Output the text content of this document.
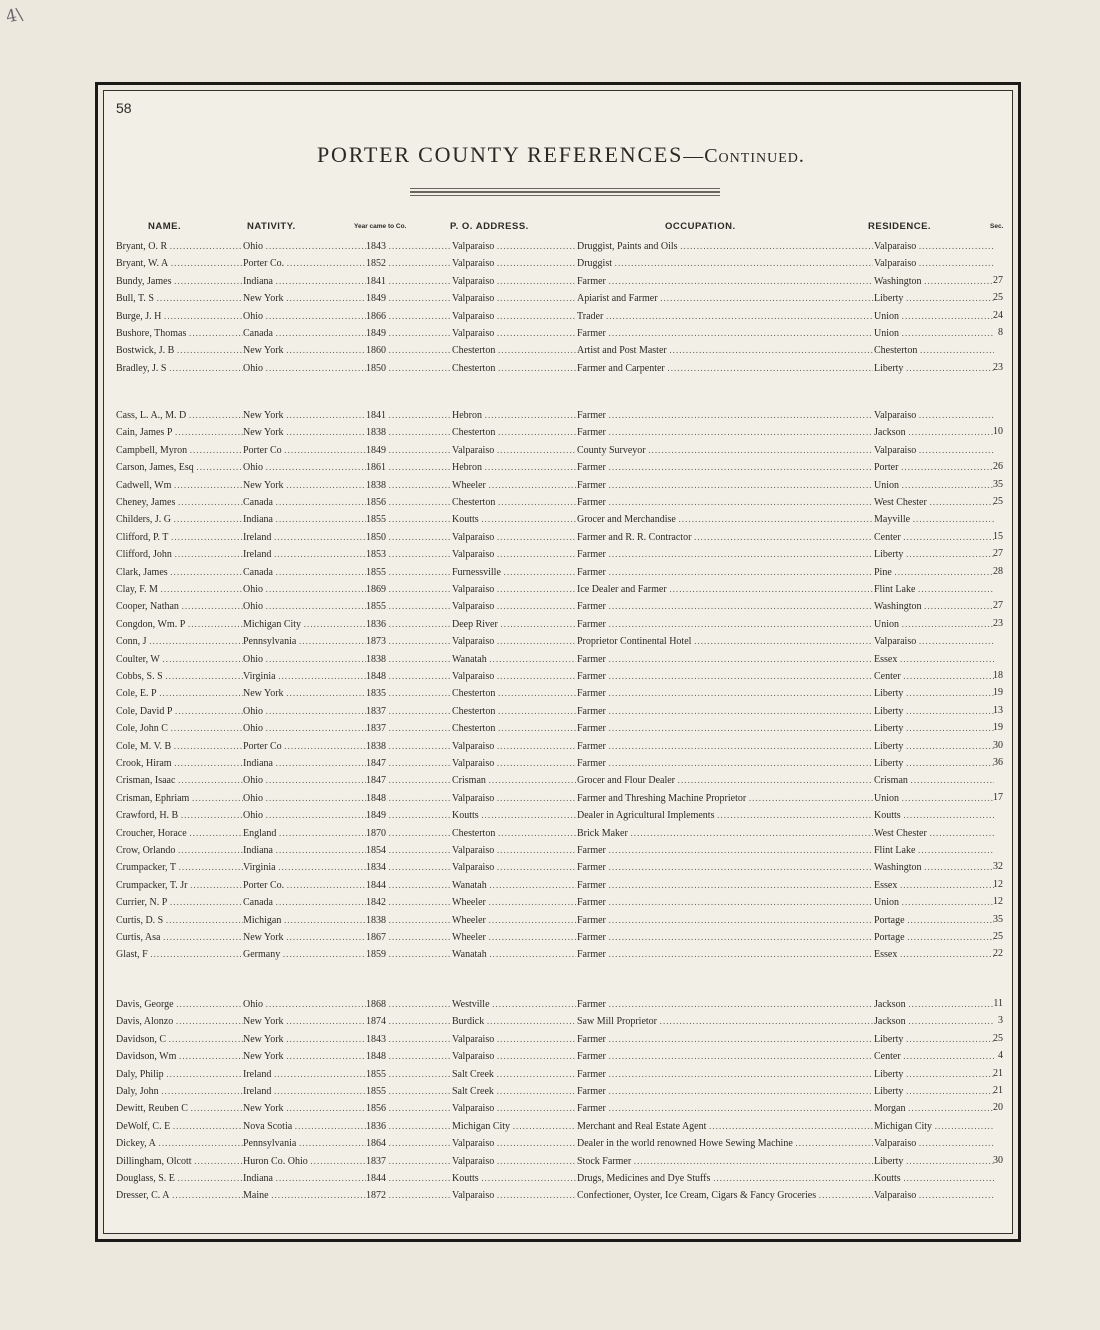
4\
58
PORTER COUNTY REFERENCES—Continued.
NAME.	NATIVITY.	Year came to Co.	P. O. ADDRESS.	OCCUPATION.	RESIDENCE.	Sec.
Bryant, O. R . . .	Ohio . . .	1843 . . .	Valparaiso . . .	Druggist, Paints and Oils . . .	Valparaiso . . .
Bryant, W. A . . .	Porter Co. . . .	1852 . . .	Valparaiso . . .	Druggist . . .	Valparaiso . . .
Bundy, James . . .	Indiana . . .	1841 . . .	Valparaiso . . .	Farmer . . .	Washington . . .	27
Bull, T. S . . .	New York . . .	1849 . . .	Valparaiso . . .	Apiarist and Farmer . . .	Liberty . . .	25
Burge, J. H . . .	Ohio . . .	1866 . . .	Valparaiso . . .	Trader . . .	Union . . .	24
Bushore, Thomas . . .	Canada . . .	1849 . . .	Valparaiso . . .	Farmer . . .	Union . . .	8
Bostwick, J. B . . .	New York . . .	1860 . . .	Chesterton . . .	Artist and Post Master . . .	Chesterton . . .
Bradley, J. S . . .	Ohio . . .	1850 . . .	Chesterton . . .	Farmer and Carpenter . . .	Liberty . . .	23
Cass, L. A., M. D . . .	New York . . .	1841 . . .	Hebron . . .	Farmer . . .	Valparaiso . . .
Cain, James P . . .	New York . . .	1838 . . .	Chesterton . . .	Farmer . . .	Jackson . . .	10
Campbell, Myron . . .	Porter Co . . .	1849 . . .	Valparaiso . . .	County Surveyor . . .	Valparaiso . . .
Carson, James, Esq . . .	Ohio . . .	1861 . . .	Hebron . . .	Farmer . . .	Porter . . .	26
Cadwell, Wm . . .	New York . . .	1838 . . .	Wheeler . . .	Farmer . . .	Union . . .	35
Cheney, James . . .	Canada . . .	1856 . . .	Chesterton . . .	Farmer . . .	West Chester . . .	25
Childers, J. G . . .	Indiana . . .	1855 . . .	Koutts . . .	Grocer and Merchandise . . .	Mayville . . .
Clifford, P. T . . .	Ireland . . .	1850 . . .	Valparaiso . . .	Farmer and R. R. Contractor . . .	Center . . .	15
Clifford, John . . .	Ireland . . .	1853 . . .	Valparaiso . . .	Farmer . . .	Liberty . . .	27
Clark, James . . .	Canada . . .	1855 . . .	Furnessville . . .	Farmer . . .	Pine . . .	28
Clay, F. M . . .	Ohio . . .	1869 . . .	Valparaiso . . .	Ice Dealer and Farmer . . .	Flint Lake . . .
Cooper, Nathan . . .	Ohio . . .	1855 . . .	Valparaiso . . .	Farmer . . .	Washington . . .	27
Congdon, Wm. P . . .	Michigan City . . .	1836 . . .	Deep River . . .	Farmer . . .	Union . . .	23
Conn, J . . .	Pennsylvania . . .	1873 . . .	Valparaiso . . .	Proprietor Continental Hotel . . .	Valparaiso . . .
Coulter, W . . .	Ohio . . .	1838 . . .	Wanatah . . .	Farmer . . .	Essex . . .
Cobbs, S. S . . .	Virginia . . .	1848 . . .	Valparaiso . . .	Farmer . . .	Center . . .	18
Cole, E. P . . .	New York . . .	1835 . . .	Chesterton . . .	Farmer . . .	Liberty . . .	19
Cole, David P . . .	Ohio . . .	1837 . . .	Chesterton . . .	Farmer . . .	Liberty . . .	13
Cole, John C . . .	Ohio . . .	1837 . . .	Chesterton . . .	Farmer . . .	Liberty . . .	19
Cole, M. V. B . . .	Porter Co . . .	1838 . . .	Valparaiso . . .	Farmer . . .	Liberty . . .	30
Crook, Hiram . . .	Indiana . . .	1847 . . .	Valparaiso . . .	Farmer . . .	Liberty . . .	36
Crisman, Isaac . . .	Ohio . . .	1847 . . .	Crisman . . .	Grocer and Flour Dealer . . .	Crisman . . .
Crisman, Ephriam . . .	Ohio . . .	1848 . . .	Valparaiso . . .	Farmer and Threshing Machine Proprietor . . .	Union . . .	17
Crawford, H. B . . .	Ohio . . .	1849 . . .	Koutts . . .	Dealer in Agricultural Implements . . .	Koutts . . .
Croucher, Horace . . .	England . . .	1870 . . .	Chesterton . . .	Brick Maker . . .	West Chester . . .
Crow, Orlando . . .	Indiana . . .	1854 . . .	Valparaiso . . .	Farmer . . .	Flint Lake . . .
Crumpacker, T . . .	Virginia . . .	1834 . . .	Valparaiso . . .	Farmer . . .	Washington . . .	32
Crumpacker, T. Jr . . .	Porter Co. . . .	1844 . . .	Wanatah . . .	Farmer . . .	Essex . . .	12
Currier, N. P . . .	Canada . . .	1842 . . .	Wheeler . . .	Farmer . . .	Union . . .	12
Curtis, D. S . . .	Michigan . . .	1838 . . .	Wheeler . . .	Farmer . . .	Portage . . .	35
Curtis, Asa . . .	New York . . .	1867 . . .	Wheeler . . .	Farmer . . .	Portage . . .	25
Glast, F . . .	Germany . . .	1859 . . .	Wanatah . . .	Farmer . . .	Essex . . .	22
Davis, George . . .	Ohio . . .	1868 . . .	Westville . . .	Farmer . . .	Jackson . . .	11
Davis, Alonzo . . .	New York . . .	1874 . . .	Burdick . . .	Saw Mill Proprietor . . .	Jackson . . .	3
Davidson, C . . .	New York . . .	1843 . . .	Valparaiso . . .	Farmer . . .	Liberty . . .	25
Davidson, Wm . . .	New York . . .	1848 . . .	Valparaiso . . .	Farmer . . .	Center . . .	4
Daly, Philip . . .	Ireland . . .	1855 . . .	Salt Creek . . .	Farmer . . .	Liberty . . .	21
Daly, John . . .	Ireland . . .	1855 . . .	Salt Creek . . .	Farmer . . .	Liberty . . .	21
Dewitt, Reuben C . . .	New York . . .	1856 . . .	Valparaiso . . .	Farmer . . .	Morgan . . .	20
DeWolf, C. E . . .	Nova Scotia . . .	1836 . . .	Michigan City . . .	Merchant and Real Estate Agent . . .	Michigan City . . .
Dickey, A . . .	Pennsylvania . . .	1864 . . .	Valparaiso . . .	Dealer in the world renowned Howe Sewing Machine . . .	Valparaiso . . .
Dillingham, Olcott . . .	Huron Co. Ohio . . .	1837 . . .	Valparaiso . . .	Stock Farmer . . .	Liberty . . .	30
Douglass, S. E . . .	Indiana . . .	1844 . . .	Koutts . . .	Drugs, Medicines and Dye Stuffs . . .	Koutts . . .
Dresser, C. A . . .	Maine . . .	1872 . . .	Valparaiso . . .	Confectioner, Oyster, Ice Cream, Cigars & Fancy Groceries . . .	Valparaiso . . .
